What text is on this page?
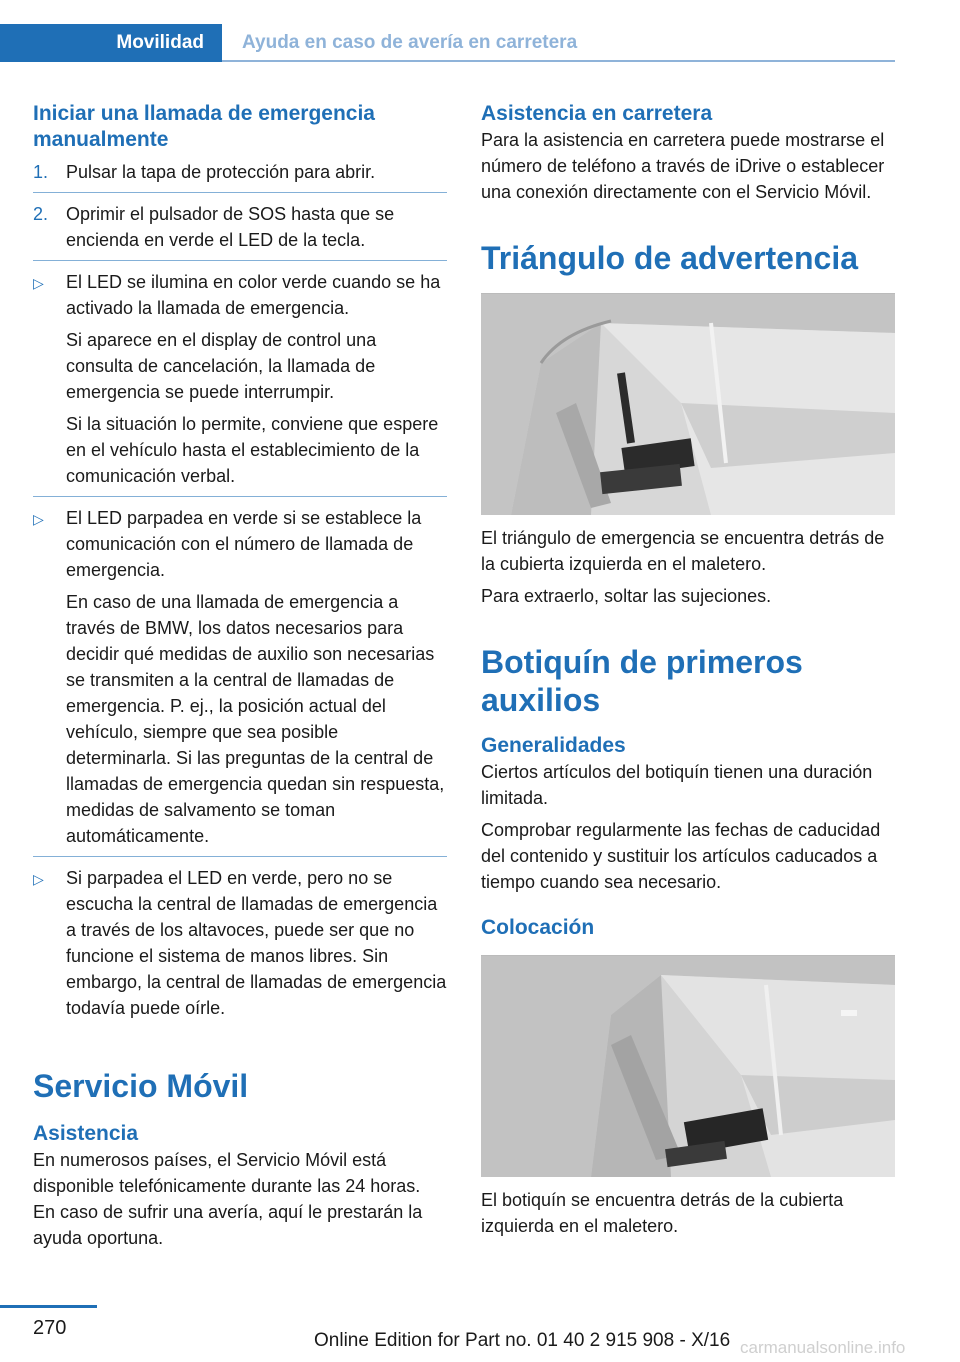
Movilidad Ayuda en caso de avería en carretera
Iniciar una llamada de emergencia manualmente
1. Pulsar la tapa de protección para abrir.
2. Oprimir el pulsador de SOS hasta que se encienda en verde el LED de la tecla.
▷	El LED se ilumina en color verde cuando se ha activado la llamada de emergencia.

Si aparece en el display de control una consulta de cancelación, la llamada de emergencia se puede interrumpir.

Si la situación lo permite, conviene que espere en el vehículo hasta el establecimiento de la comunicación verbal.

▷	El LED parpadea en verde si se establece la comunicación con el número de llamada de emergencia.

En caso de una llamada de emergencia a través de BMW, los datos necesarios para decidir qué medidas de auxilio son necesarias se transmiten a la central de llamadas de emergencia. P. ej., la posición actual del vehículo, siempre que sea posible determinarla. Si las preguntas de la central de llamadas de emergencia quedan sin respuesta, medidas de salvamento se toman automáticamente.

▷	Si parpadea el LED en verde, pero no se escucha la central de llamadas de emergencia a través de los altavoces, puede ser que no funcione el sistema de manos libres. Sin embargo, la central de llamadas de emergencia todavía puede oírle.

Servicio Móvil
Asistencia

En numerosos países, el Servicio Móvil está disponible telefónicamente durante las 24 horas. En caso de sufrir una avería, aquí le prestarán la ayuda oportuna.

Asistencia en carretera

Para la asistencia en carretera puede mostrarse el número de teléfono a través de iDrive o establecer una conexión directamente con el Servicio Móvil.

Triángulo de advertencia

El triángulo de emergencia se encuentra detrás de la cubierta izquierda en el maletero.

Para extraerlo, soltar las sujeciones.

Botiquín de primeros auxilios
Generalidades

Ciertos artículos del botiquín tienen una duración limitada.

Comprobar regularmente las fechas de caducidad del contenido y sustituir los artículos caducados a tiempo cuando sea necesario.

Colocación

El botiquín se encuentra detrás de la cubierta izquierda en el maletero.

270
Online Edition for Part no. 01 40 2 915 908 - X/16 carmanualsonline.info
